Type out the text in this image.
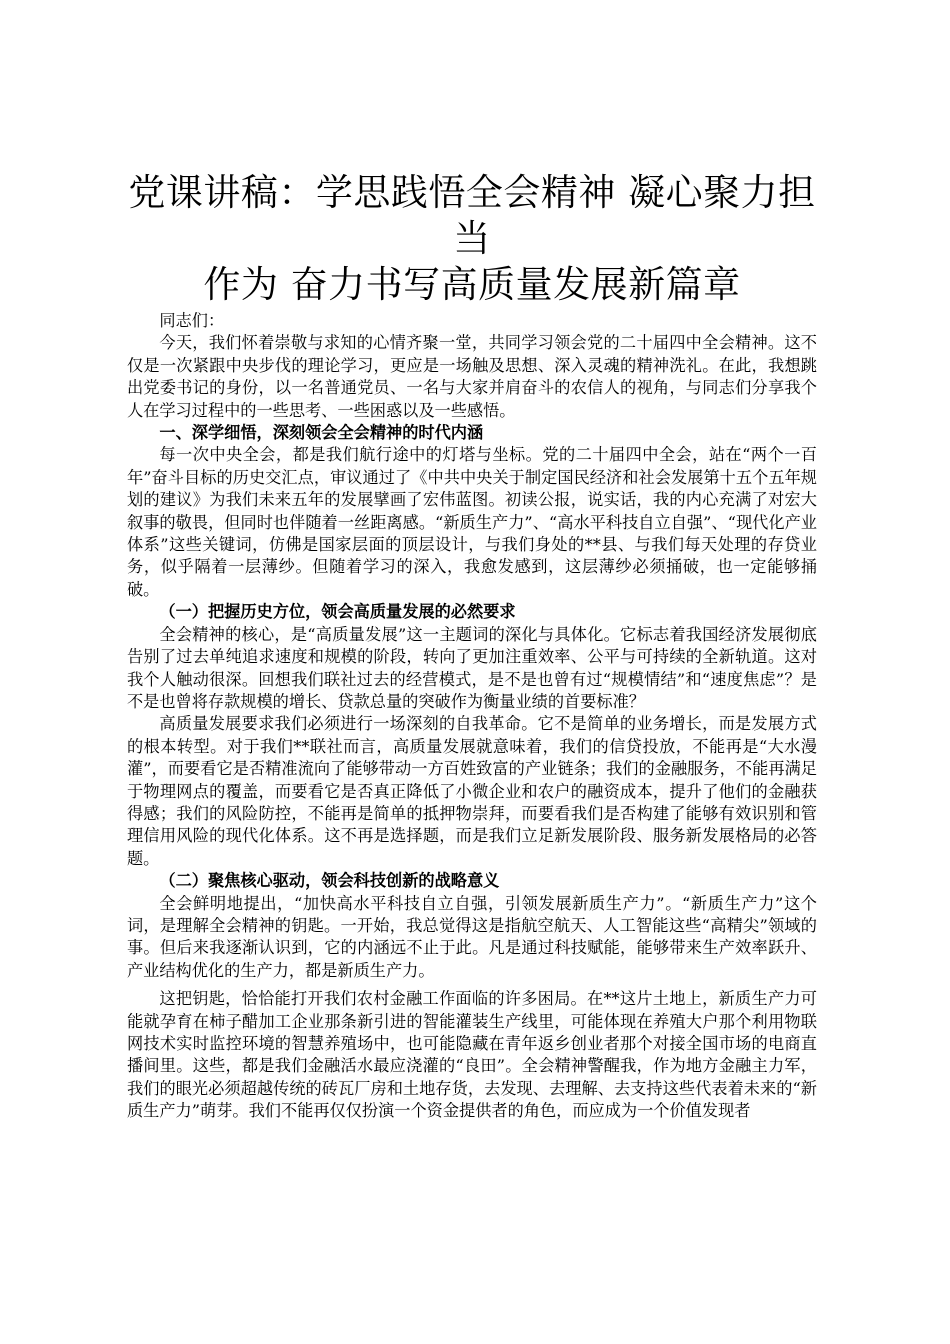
党课讲稿：学思践悟全会精神 凝心聚力担当
作为 奋力书写高质量发展新篇章

同志们：

今天，我们怀着崇敬与求知的心情齐聚一堂，共同学习领会党的二十届四中全会精神。这不仅是一次紧跟中央步伐的理论学习，更应是一场触及思想、深入灵魂的精神洗礼。在此，我想跳出党委书记的身份，以一名普通党员、一名与大家并肩奋斗的农信人的视角，与同志们分享我个人在学习过程中的一些思考、一些困惑以及一些感悟。

一、深学细悟，深刻领会全会精神的时代内涵

每一次中央全会，都是我们航行途中的灯塔与坐标。党的二十届四中全会，站在“两个一百年”奋斗目标的历史交汇点，审议通过了《中共中央关于制定国民经济和社会发展第十五个五年规划的建议》为我们未来五年的发展擘画了宏伟蓝图。初读公报，说实话，我的内心充满了对宏大叙事的敬畏，但同时也伴随着一丝距离感。“新质生产力”、“高水平科技自立自强”、“现代化产业体系”这些关键词，仿佛是国家层面的顶层设计，与我们身处的**县、与我们每天处理的存贷业务，似乎隔着一层薄纱。但随着学习的深入，我愈发感到，这层薄纱必须捅破，也一定能够捅破。

（一）把握历史方位，领会高质量发展的必然要求

全会精神的核心，是“高质量发展”这一主题词的深化与具体化。它标志着我国经济发展彻底告别了过去单纯追求速度和规模的阶段，转向了更加注重效率、公平与可持续的全新轨道。这对我个人触动很深。回想我们联社过去的经营模式，是不是也曾有过“规模情结”和“速度焦虑”？是不是也曾将存款规模的增长、贷款总量的突破作为衡量业绩的首要标准？

高质量发展要求我们必须进行一场深刻的自我革命。它不是简单的业务增长，而是发展方式的根本转型。对于我们**联社而言，高质量发展就意味着，我们的信贷投放，不能再是“大水漫灌”，而要看它是否精准流向了能够带动一方百姓致富的产业链条；我们的金融服务，不能再满足于物理网点的覆盖，而要看它是否真正降低了小微企业和农户的融资成本，提升了他们的金融获得感；我们的风险防控，不能再是简单的抵押物崇拜，而要看我们是否构建了能够有效识别和管理信用风险的现代化体系。这不再是选择题，而是我们立足新发展阶段、服务新发展格局的必答题。

（二）聚焦核心驱动，领会科技创新的战略意义

全会鲜明地提出，“加快高水平科技自立自强，引领发展新质生产力”。“新质生产力”这个词，是理解全会精神的钥匙。一开始，我总觉得这是指航空航天、人工智能这些“高精尖”领域的事。但后来我逐渐认识到，它的内涵远不止于此。凡是通过科技赋能，能够带来生产效率跃升、产业结构优化的生产力，都是新质生产力。

这把钥匙，恰恰能打开我们农村金融工作面临的许多困局。在**这片土地上，新质生产力可能就孕育在柿子醋加工企业那条新引进的智能灌装生产线里，可能体现在养殖大户那个利用物联网技术实时监控环境的智慧养殖场中，也可能隐藏在青年返乡创业者那个对接全国市场的电商直播间里。这些，都是我们金融活水最应浇灌的“良田”。全会精神警醒我，作为地方金融主力军，我们的眼光必须超越传统的砖瓦厂房和土地存货，去发现、去理解、去支持这些代表着未来的“新质生产力”萌芽。我们不能再仅仅扮演一个资金提供者的角色，而应成为一个价值发现者
